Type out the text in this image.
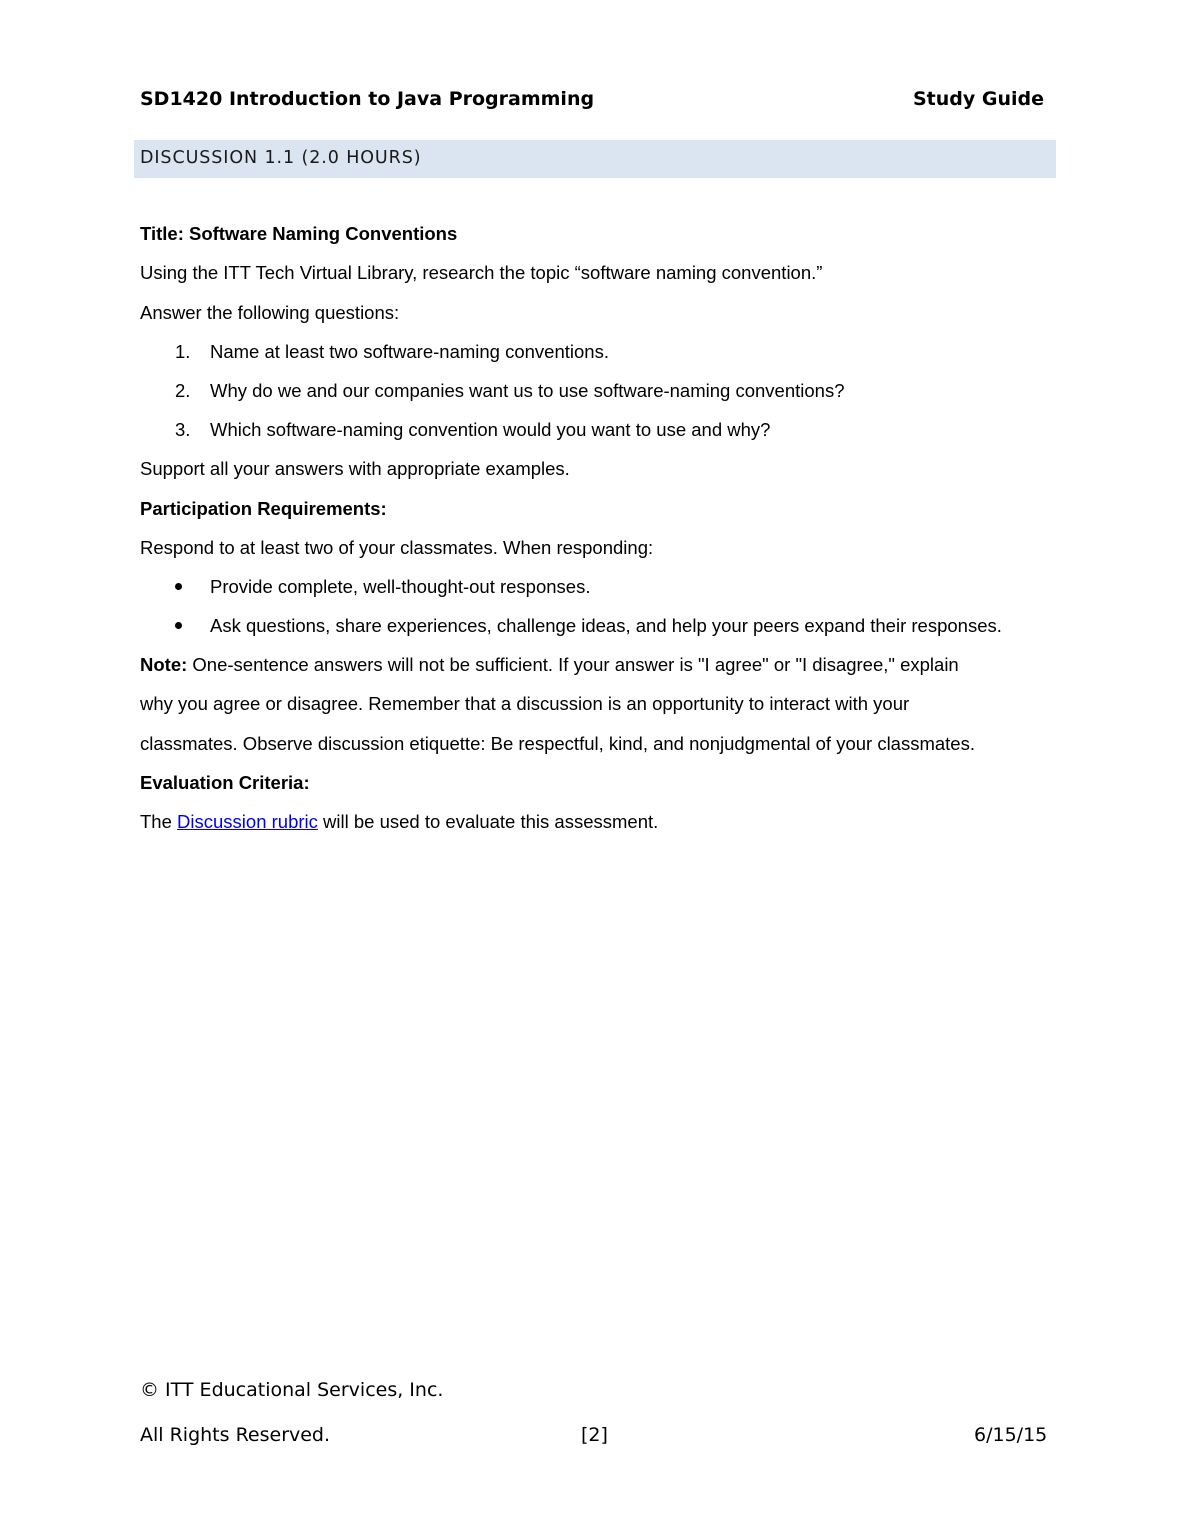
SD1420 Introduction to Java Programming	Study Guide
DISCUSSION 1.1 (2.0 HOURS)
Title: Software Naming Conventions
Using the ITT Tech Virtual Library, research the topic “software naming convention.”
Answer the following questions:
1. Name at least two software-naming conventions.
2. Why do we and our companies want us to use software-naming conventions?
3. Which software-naming convention would you want to use and why?
Support all your answers with appropriate examples.
Participation Requirements:
Respond to at least two of your classmates. When responding:
Provide complete, well-thought-out responses.
Ask questions, share experiences, challenge ideas, and help your peers expand their responses.
Note: One-sentence answers will not be sufficient. If your answer is "I agree" or "I disagree," explain
why you agree or disagree. Remember that a discussion is an opportunity to interact with your
classmates. Observe discussion etiquette: Be respectful, kind, and nonjudgmental of your classmates.
Evaluation Criteria:
The Discussion rubric will be used to evaluate this assessment.
© ITT Educational Services, Inc.
All Rights Reserved.	[2]	6/15/15
